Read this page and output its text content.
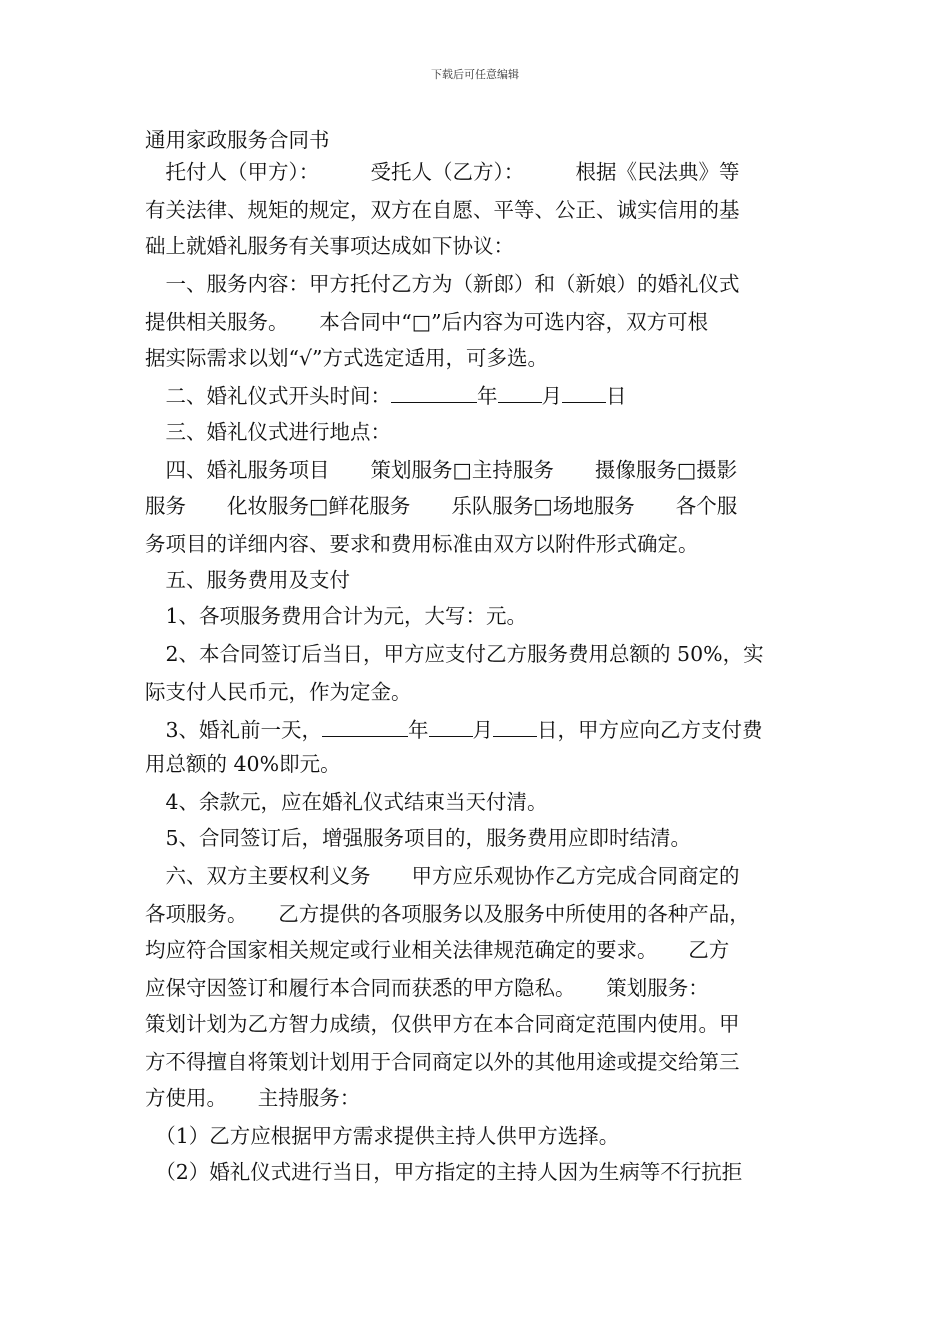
下载后可任意编辑
通用家政服务合同书
　托付人（甲方）：　　　受托人（乙方）：　　　根据《民法典》等
有关法律、规矩的规定，双方在自愿、平等、公正、诚实信用的基
础上就婚礼服务有关事项达成如下协议：
　一、服务内容：甲方托付乙方为（新郎）和（新娘）的婚礼仪式
提供相关服务。　　本合同中“□”后内容为可选内容，双方可根
据实际需求以划“√”方式选定适用，可多选。
　二、婚礼仪式开头时间：	年 月 日
　三、婚礼仪式进行地点：
　四、婚礼服务项目　　策划服务□主持服务　　摄像服务□摄影
服务　　化妆服务□鲜花服务　　乐队服务□场地服务　　各个服
务项目的详细内容、要求和费用标准由双方以附件形式确定。
　五、服务费用及支付
　1、各项服务费用合计为元，大写：元。
　2、本合同签订后当日，甲方应支付乙方服务费用总额的 50%，实
际支付人民币元，作为定金。
　3、婚礼前一天，	年 月 日，甲方应向乙方支付费
用总额的 40%即元。
　4、余款元，应在婚礼仪式结束当天付清。
　5、合同签订后，增强服务项目的，服务费用应即时结清。
　六、双方主要权利义务　　甲方应乐观协作乙方完成合同商定的
各项服务。　　乙方提供的各项服务以及服务中所使用的各种产品，
均应符合国家相关规定或行业相关法律规范确定的要求。　　乙方
应保守因签订和履行本合同而获悉的甲方隐私。　　策划服务：
策划计划为乙方智力成绩，仅供甲方在本合同商定范围内使用。甲
方不得擅自将策划计划用于合同商定以外的其他用途或提交给第三
方使用。　　主持服务：
　（1）乙方应根据甲方需求提供主持人供甲方选择。
　（2）婚礼仪式进行当日，甲方指定的主持人因为生病等不行抗拒
